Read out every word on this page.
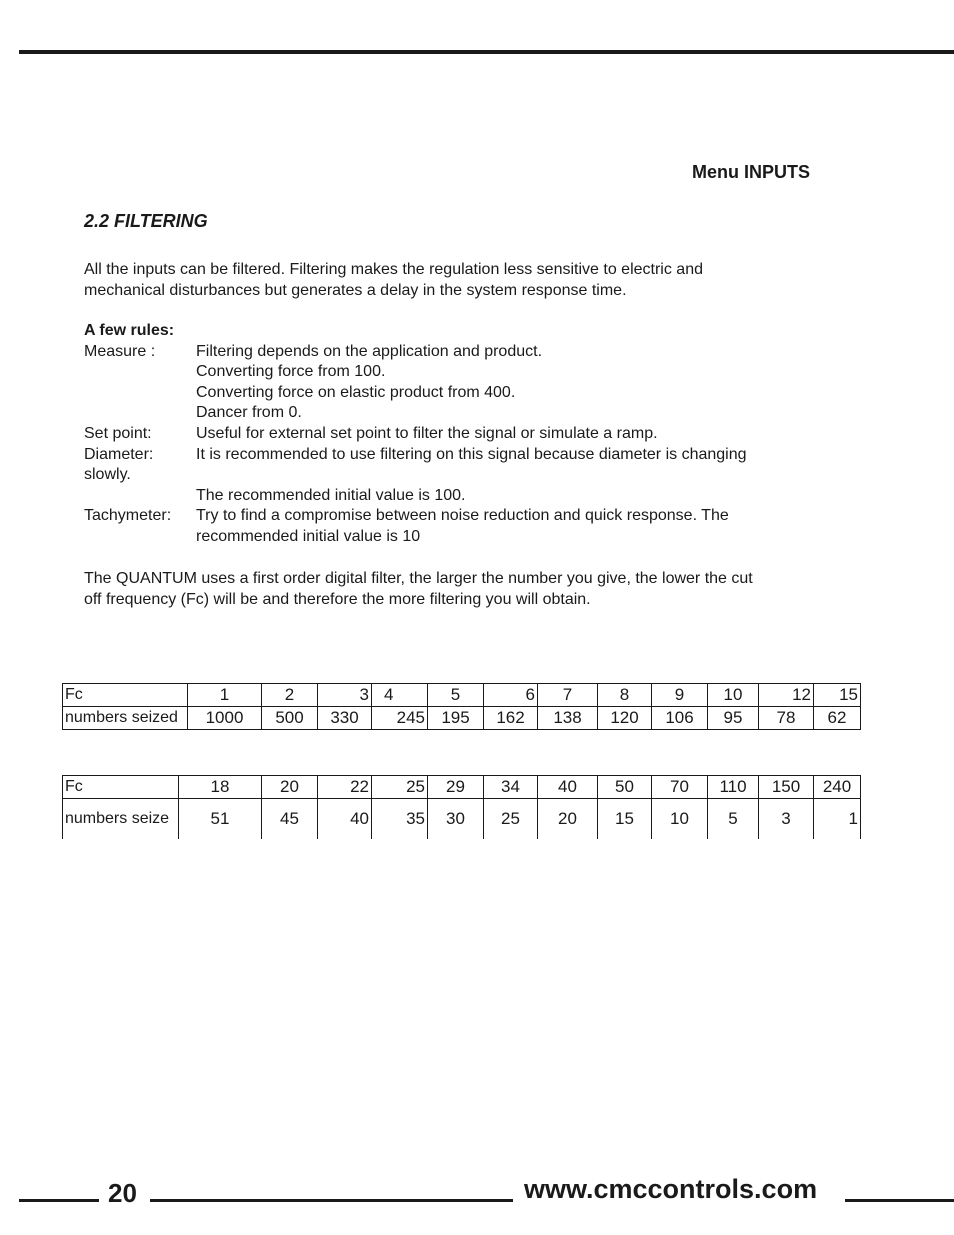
Menu INPUTS
2.2 FILTERING

All the inputs can be filtered. Filtering makes the regulation less sensitive to electric and
mechanical disturbances but generates a delay in the system response time.

A few rules:
Measure :	Filtering depends on the application and product.
Converting force from 100.
Converting force on elastic product from 400.
Dancer from 0.
Set point:	Useful for external set point to filter the signal or simulate a ramp.
Diameter:	It is recommended to use filtering on this signal because diameter is changing
slowly.
The recommended initial value is 100.
Tachymeter:	Try to find a compromise between noise reduction and quick response. The
recommended initial value is 10

The QUANTUM uses a first order digital filter, the larger the number you give, the lower the cut
off frequency (Fc) will be and therefore the more filtering you will obtain.

Fc	1	2	3	4	5	6	7	8	9	10	12	15
numbers seized	1000	500	330	245	195	162	138	120	106	95	78	62
Fc	18	20	22	25	29	34	40	50	70	110	150	240
numbers seize	51	45	40	35	30	25	20	15	10	5	3	1
20	www.cmccontrols.com
